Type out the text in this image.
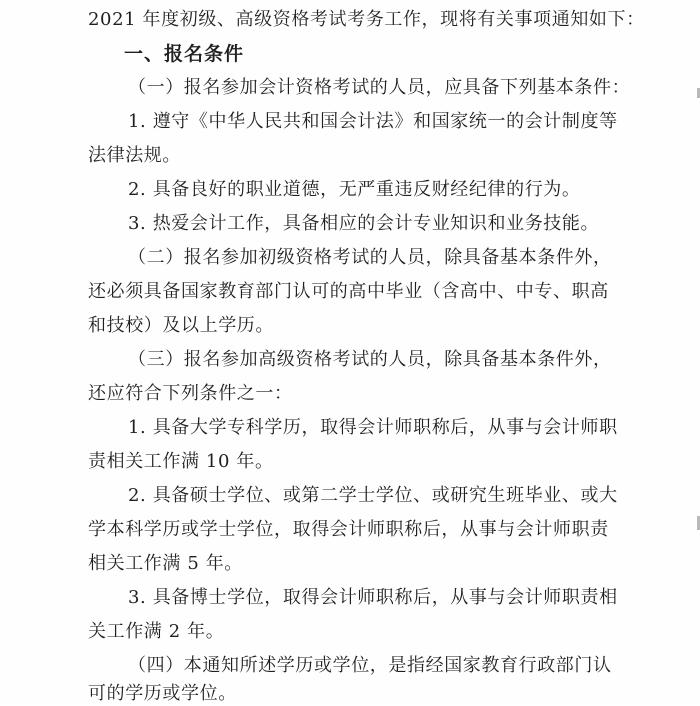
2021 年度初级、高级资格考试考务工作，现将有关事项通知如下：
一、报名条件
（一）报名参加会计资格考试的人员，应具备下列基本条件：
1. 遵守《中华人民共和国会计法》和国家统一的会计制度等
法律法规。
2. 具备良好的职业道德，无严重违反财经纪律的行为。
3. 热爱会计工作，具备相应的会计专业知识和业务技能。
（二）报名参加初级资格考试的人员，除具备基本条件外，
还必须具备国家教育部门认可的高中毕业（含高中、中专、职高
和技校）及以上学历。
（三）报名参加高级资格考试的人员，除具备基本条件外，
还应符合下列条件之一：
1. 具备大学专科学历，取得会计师职称后，从事与会计师职
责相关工作满 10 年。
2. 具备硕士学位、或第二学士学位、或研究生班毕业、或大
学本科学历或学士学位，取得会计师职称后，从事与会计师职责
相关工作满 5 年。
3. 具备博士学位，取得会计师职称后，从事与会计师职责相
关工作满 2 年。
（四）本通知所述学历或学位，是指经国家教育行政部门认
可的学历或学位。
